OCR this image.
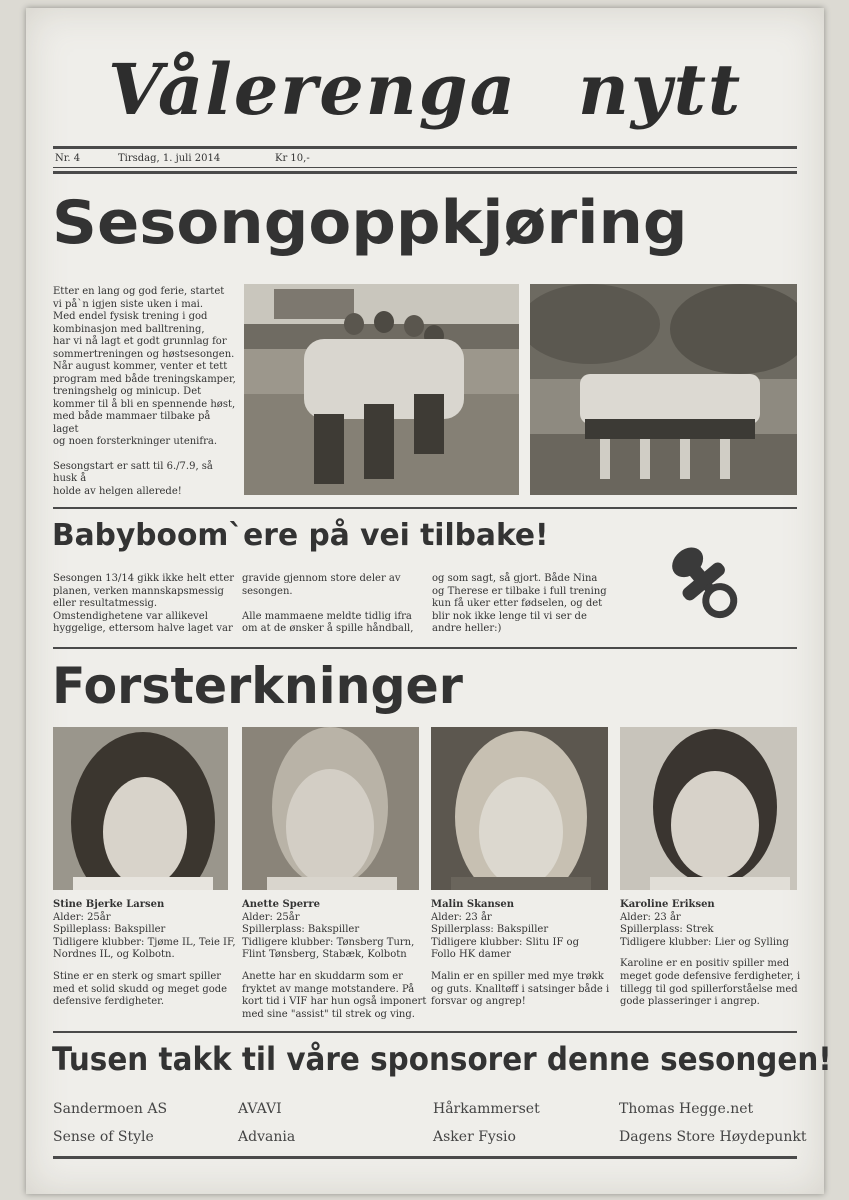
Vålerenga nytt
Nr. 4	Tirsdag, 1. juli 2014	Kr 10,-
Sesongoppkjøring
Etter en lang og god ferie, startet
vi på`n igjen siste uken i mai.
Med endel fysisk trening i god
kombinasjon med balltrening,
har vi nå lagt et godt grunnlag for
sommertreningen og høstsesongen.
Når august kommer, venter et tett
program med både treningskamper,
treningshelg og minicup. Det
kommer til å bli en spennende høst,
med både mammaer tilbake på laget
og noen forsterkninger utenifra.
Sesongstart er satt til 6./7.9, så husk å
holde av helgen allerede!
Babyboom`ere på vei tilbake!
Sesongen 13/14 gikk ikke helt etter
planen, verken mannskapsmessig
eller resultatmessig.
Omstendighetene var allikevel
hyggelige, ettersom halve laget var
gravide gjennom store deler av
sesongen.
Alle mammaene meldte tidlig ifra
om at de ønsker å spille håndball,
og som sagt, så gjort. Både Nina
og Therese er tilbake i full trening
kun få uker etter fødselen, og det
blir nok ikke lenge til vi ser de
andre heller:)
Forsterkninger
Stine Bjerke Larsen
Alder: 25år
Spilleplass: Bakspiller
Tidligere klubber: Tjøme IL, Teie IF,
Nordnes IL, og Kolbotn.
Stine er en sterk og smart spiller
med et solid skudd og meget gode
defensive ferdigheter.
Anette Sperre
Alder: 25år
Spillerplass: Bakspiller
Tidligere klubber: Tønsberg Turn,
Flint Tønsberg, Stabæk, Kolbotn
Anette har en skuddarm som er
fryktet av mange motstandere. På
kort tid i VIF har hun også imponert
med sine "assist" til strek og ving.
Malin Skansen
Alder: 23 år
Spillerplass: Bakspiller
Tidligere klubber: Slitu IF og
Follo HK damer
Malin er en spiller med mye trøkk
og guts. Knalltøff i satsinger både i
forsvar og angrep!
Karoline Eriksen
Alder: 23 år
Spillerplass: Strek
Tidligere klubber: Lier og Sylling
Karoline er en positiv spiller med
meget gode defensive ferdigheter, i
tillegg til god spillerforståelse med
gode plasseringer i angrep.
Tusen takk til våre sponsorer denne sesongen!
Sandermoen AS	AVAVI	Hårkammerset	Thomas Hegge.net
Sense of Style	Advania	Asker Fysio	Dagens Store Høydepunkt
